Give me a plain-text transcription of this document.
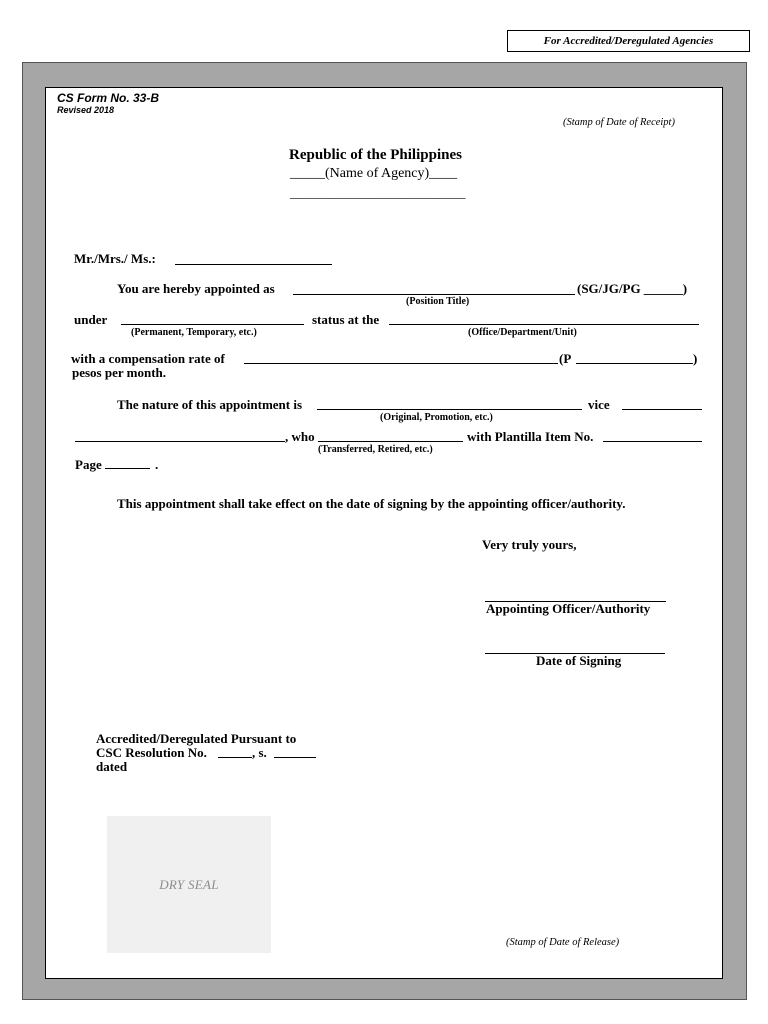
For Accredited/Deregulated Agencies
CS Form No. 33-B
Revised 2018
(Stamp of Date of Receipt)
Republic of the Philippines
_____(Name of Agency)____
___________________________
Mr./Mrs./ Ms.:
You are hereby appointed as	(SG/JG/PG ______)
(Position Title)
under	status at the
(Permanent, Temporary, etc.)	(Office/Department/Unit)
with a compensation rate of	(P	)
pesos per month.
The nature of this appointment is	vice
(Original, Promotion, etc.)
, who	with Plantilla Item No.
(Transferred, Retired, etc.)
Page	.
This appointment shall take effect on the date of signing by the appointing officer/authority.
Very truly yours,
Appointing Officer/Authority
Date of Signing
Accredited/Deregulated Pursuant to
CSC Resolution No.	, s.
dated
DRY SEAL
(Stamp of Date of Release)
